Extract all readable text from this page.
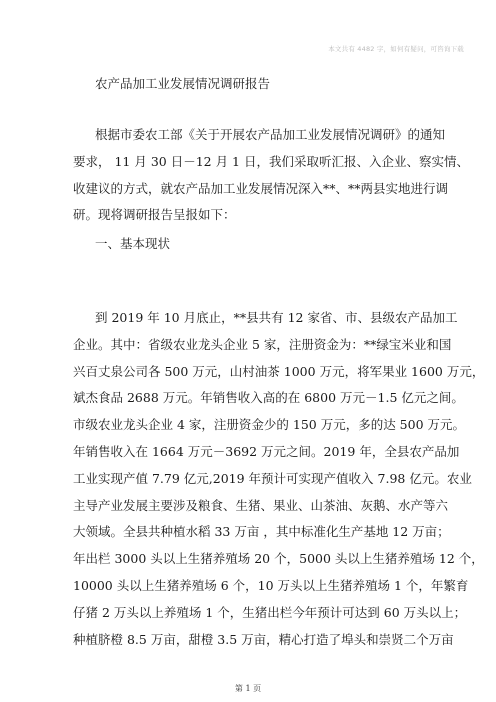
本文共有 4482 字，如何有疑问，可咨询下载
农产品加工业发展情况调研报告
根据市委农工部《关于开展农产品加工业发展情况调研》的通知
要求， 11 月 30 日－12 月 1 日，我们采取听汇报、入企业、察实情、
收建议的方式，就农产品加工业发展情况深入**、**两县实地进行调
研。现将调研报告呈报如下：
一、基本现状
到 2019 年 10 月底止，**县共有 12 家省、市、县级农产品加工
企业。其中：省级农业龙头企业 5 家，注册资金为：**绿宝米业和国
兴百丈泉公司各 500 万元，山村油茶 1000 万元，将军果业 1600 万元，
斌杰食品 2688 万元。年销售收入高的在 6800 万元－1.5 亿元之间。
市级农业龙头企业 4 家，注册资金少的 150 万元，多的达 500 万元。
年销售收入在 1664 万元－3692 万元之间。2019 年，全县农产品加
工业实现产值 7.79 亿元,2019 年预计可实现产值收入 7.98 亿元。农业
主导产业发展主要涉及粮食、生猪、果业、山茶油、灰鹅、水产等六
大领域。全县共种植水稻 33 万亩 ，其中标准化生产基地 12 万亩；
年出栏 3000 头以上生猪养殖场 20 个，5000 头以上生猪养殖场 12 个，
10000 头以上生猪养殖场 6 个，10 万头以上生猪养殖场 1 个，年繁育
仔猪 2 万头以上养殖场 1 个，生猪出栏今年预计可达到 60 万头以上；
种植脐橙 8.5 万亩，甜橙 3.5 万亩，精心打造了埠头和崇贤二个万亩
第 1 页
